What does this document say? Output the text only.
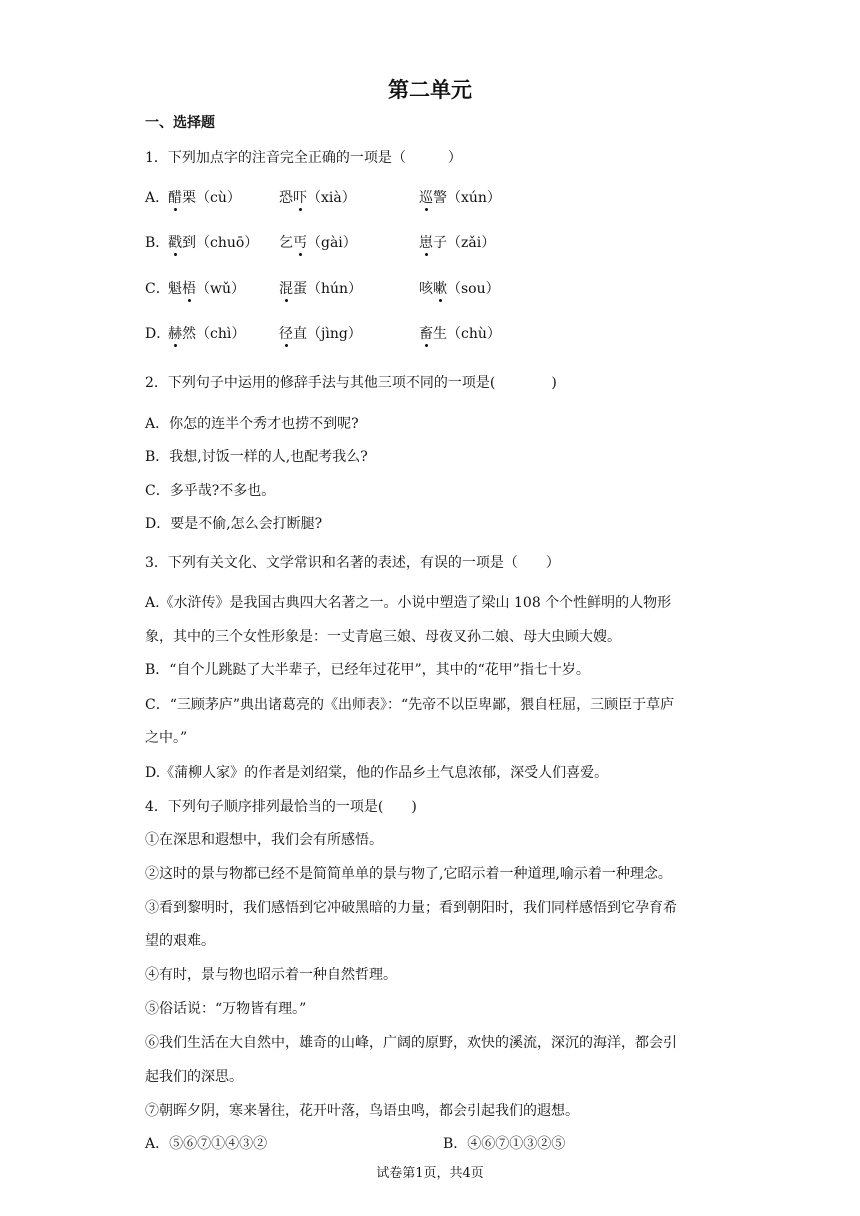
第二单元
一、选择题
1．下列加点字的注音完全正确的一项是（　　　）
A．
醋栗（cù）	恐吓（xià）	巡警（xún）
B．
戳到（chuō） 乞丐（gài）	崽子（zǎi）
C．
魁梧（wǔ） 混蛋（hún）	咳嗽（sou）
D．
赫然（chì） 径直（jìng）	畜生（chù）
2．下列句子中运用的修辞手法与其他三项不同的一项是(　　　　)
A．你怎的连半个秀才也捞不到呢?
B．我想,讨饭一样的人,也配考我么?
C．多乎哉?不多也。
D．要是不偷,怎么会打断腿?
3．下列有关文化、文学常识和名著的表述，有误的一项是（　　）
A.《水浒传》是我国古典四大名著之一。小说中塑造了梁山 108 个个性鲜明的人物形
象，其中的三个女性形象是：一丈青扈三娘、母夜叉孙二娘、母大虫顾大嫂。
B．“自个儿跳跶了大半辈子，已经年过花甲”，其中的“花甲”指七十岁。
C．“三顾茅庐”典出诸葛亮的《出师表》：“先帝不以臣卑鄙，猥自枉屈，三顾臣于草庐
之中。”
D.《蒲柳人家》的作者是刘绍棠，他的作品乡土气息浓郁，深受人们喜爱。
4．下列句子顺序排列最恰当的一项是(　　)
①在深思和遐想中，我们会有所感悟。
②这时的景与物都已经不是简简单单的景与物了,它昭示着一种道理,喻示着一种理念。
③看到黎明时，我们感悟到它冲破黑暗的力量；看到朝阳时，我们同样感悟到它孕育希
望的艰难。
④有时，景与物也昭示着一种自然哲理。
⑤俗话说：“万物皆有理。”
⑥我们生活在大自然中，雄奇的山峰，广阔的原野，欢快的溪流，深沉的海洋，都会引
起我们的深思。
⑦朝晖夕阴，寒来暑往，花开叶落，鸟语虫鸣，都会引起我们的遐想。
A．⑤⑥⑦①④③②	B．④⑥⑦①③②⑤
试卷第1页，共4页
